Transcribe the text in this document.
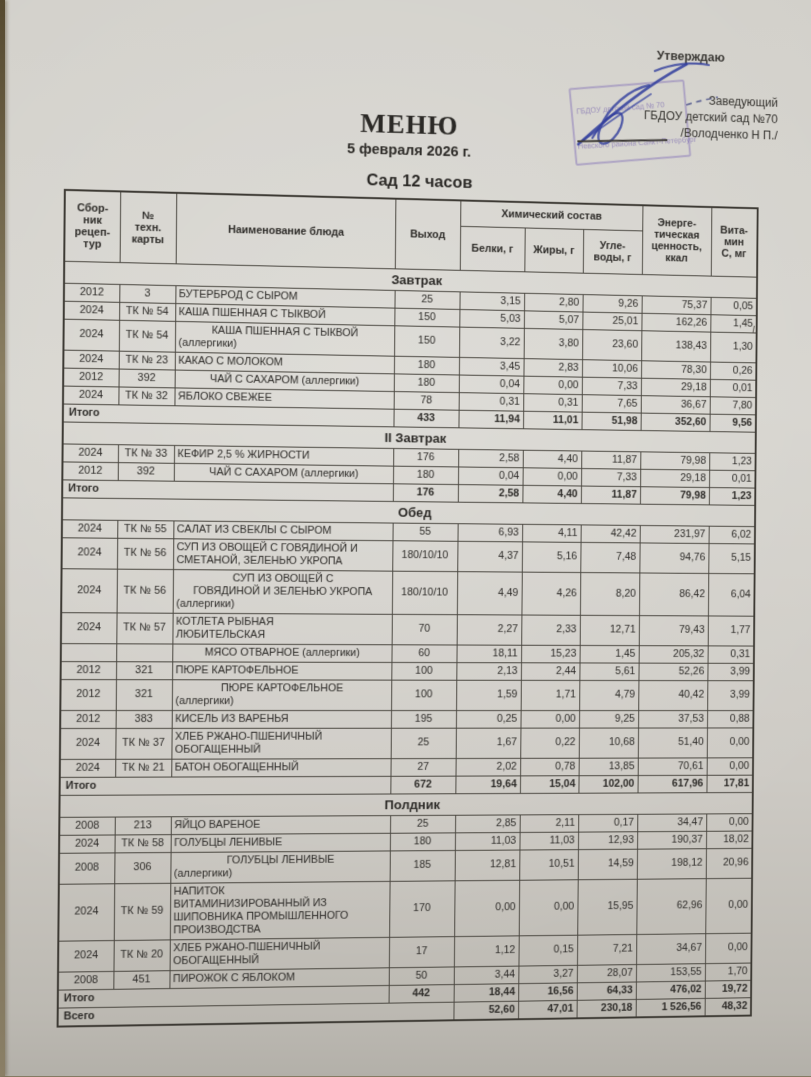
Утверждаю
ГБДОУ детский сад № 70
Невского района Санкт-Петербург
Заведующий
ГБДОУ детский сад №70
/Володченко Н П./
МЕНЮ
5 февраля 2026 г.
Сад 12 часов
І.
Сбор-
ник
рецеп-
тур	№
техн.
карты	Наименование блюда	Выход	Химический состав			Энерге-
тическая
ценность,
ккал	Вита-
мин
С, мг
				Белки, г	Жиры, г	Угле-
воды, г		
Завтрак								
2012	3	БУТЕРБРОД С СЫРОМ	25	3,15	2,80	9,26	75,37	0,05
2024	ТК № 54	КАША ПШЕННАЯ С ТЫКВОЙ	150	5,03	5,07	25,01	162,26	1,45
2024	ТК № 54	КАША ПШЕННАЯ С ТЫКВОЙ
(аллергики)	150	3,22	3,80	23,60	138,43	1,30
2024	ТК № 23	КАКАО С МОЛОКОМ	180	3,45	2,83	10,06	78,30	0,26
2012	392	ЧАЙ С САХАРОМ (аллергики)	180	0,04	0,00	7,33	29,18	0,01
2024	ТК № 32	ЯБЛОКО СВЕЖЕЕ	78	0,31	0,31	7,65	36,67	7,80
Итого			433	11,94	11,01	51,98	352,60	9,56
II Завтрак								
2024	ТК № 33	КЕФИР 2,5 % ЖИРНОСТИ	176	2,58	4,40	11,87	79,98	1,23
2012	392	ЧАЙ С САХАРОМ (аллергики)	180	0,04	0,00	7,33	29,18	0,01
Итого			176	2,58	4,40	11,87	79,98	1,23
Обед								
2024	ТК № 55	САЛАТ ИЗ СВЕКЛЫ С СЫРОМ	55	6,93	4,11	42,42	231,97	6,02
2024	ТК № 56	СУП ИЗ ОВОЩЕЙ С ГОВЯДИНОЙ И
СМЕТАНОЙ, ЗЕЛЕНЬЮ УКРОПА	180/10/10	4,37	5,16	7,48	94,76	5,15
2024	ТК № 56	СУП ИЗ ОВОЩЕЙ С
ГОВЯДИНОЙ И ЗЕЛЕНЬЮ УКРОПА
(аллергики)	180/10/10	4,49	4,26	8,20	86,42	6,04
2024	ТК № 57	КОТЛЕТА РЫБНАЯ
ЛЮБИТЕЛЬСКАЯ	70	2,27	2,33	12,71	79,43	1,77

		МЯСО ОТВАРНОЕ (аллергики)	60	18,11	15,23	1,45	205,32	0,31
2012	321	ПЮРЕ КАРТОФЕЛЬНОЕ	100	2,13	2,44	5,61	52,26	3,99
2012	321	ПЮРЕ КАРТОФЕЛЬНОЕ
(аллергики)	100	1,59	1,71	4,79	40,42	3,99
2012	383	КИСЕЛЬ ИЗ ВАРЕНЬЯ	195	0,25	0,00	9,25	37,53	0,88
2024	ТК № 37	ХЛЕБ РЖАНО-ПШЕНИЧНЫЙ
ОБОГАЩЕННЫЙ	25	1,67	0,22	10,68	51,40	0,00
2024	ТК № 21	БАТОН ОБОГАЩЕННЫЙ	27	2,02	0,78	13,85	70,61	0,00
Итого			672	19,64	15,04	102,00	617,96	17,81
Полдник								
2008	213	ЯЙЦО ВАРЕНОЕ	25	2,85	2,11	0,17	34,47	0,00
2024	ТК № 58	ГОЛУБЦЫ ЛЕНИВЫЕ	180	11,03	11,03	12,93	190,37	18,02
2008	306	ГОЛУБЦЫ ЛЕНИВЫЕ
(аллергики)	185	12,81	10,51	14,59	198,12	20,96
2024	ТК № 59	НАПИТОК
ВИТАМИНИЗИРОВАННЫЙ ИЗ
ШИПОВНИКА ПРОМЫШЛЕННОГО
ПРОИЗВОДСТВА	170	0,00	0,00	15,95	62,96	0,00
2024	ТК № 20	ХЛЕБ РЖАНО-ПШЕНИЧНЫЙ
ОБОГАЩЕННЫЙ	17	1,12	0,15	7,21	34,67	0,00
2008	451	ПИРОЖОК С ЯБЛОКОМ	50	3,44	3,27	28,07	153,55	1,70
Итого			442	18,44	16,56	64,33	476,02	19,72
Всего				52,60	47,01	230,18	1 526,56	48,32
